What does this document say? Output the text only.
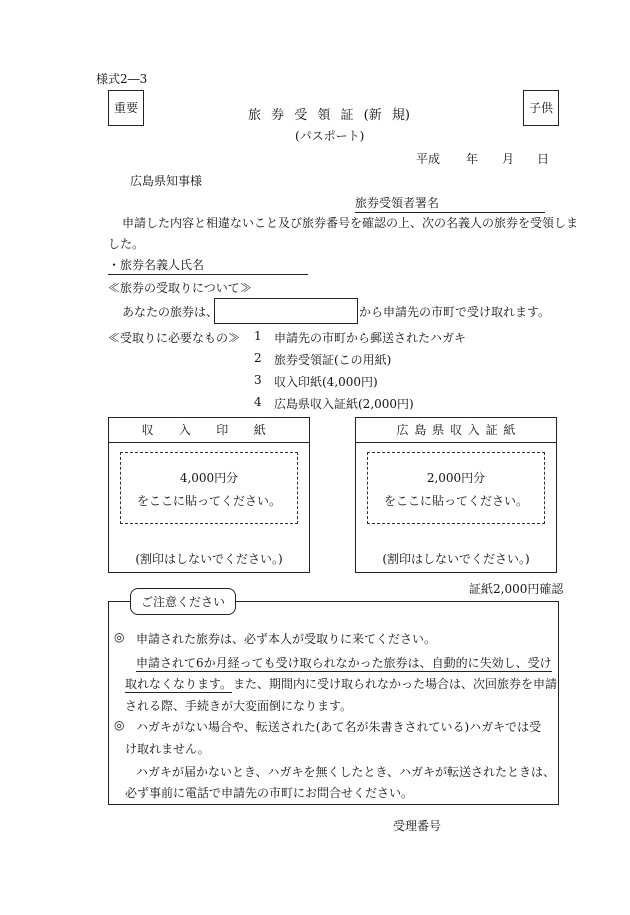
様式2―3
重要	子供
旅 券 受 領 証 (新 規)
(パスポート)
平成 年 月 日
広島県知事様
旅券受領者署名
申請した内容と相違ないこと及び旅券番号を確認の上、次の名義人の旅券を受領しま
した。
・旅券名義人氏名
≪旅券の受取りについて≫
あなたの旅券は、	から申請先の市町で受け取れます。
≪受取りに必要なもの≫ 1 申請先の市町から郵送されたハガキ
2 旅券受領証(この用紙)
3 収入印紙(4,000円)
4 広島県収入証紙(2,000円)
収 入 印 紙
4,000円分
をここに貼ってください。
(割印はしないでください。)
広 島 県 収 入 証 紙
2,000円分
をここに貼ってください。
(割印はしないでください。)
証紙2,000円確認
ご注意ください
◎ 申請された旅券は、必ず本人が受取りに来てください。
申請されて6か月経っても受け取られなかった旅券は、自動的に失効し、受け
取れなくなります。 また、期間内に受け取られなかった場合は、次回旅券を申請
される際、手続きが大変面倒になります。
◎ ハガキがない場合や、転送された(あて名が朱書きされている)ハガキでは受
け取れません。
ハガキが届かないとき、ハガキを無くしたとき、ハガキが転送されたときは、
必ず事前に電話で申請先の市町にお問合せください。
受理番号
